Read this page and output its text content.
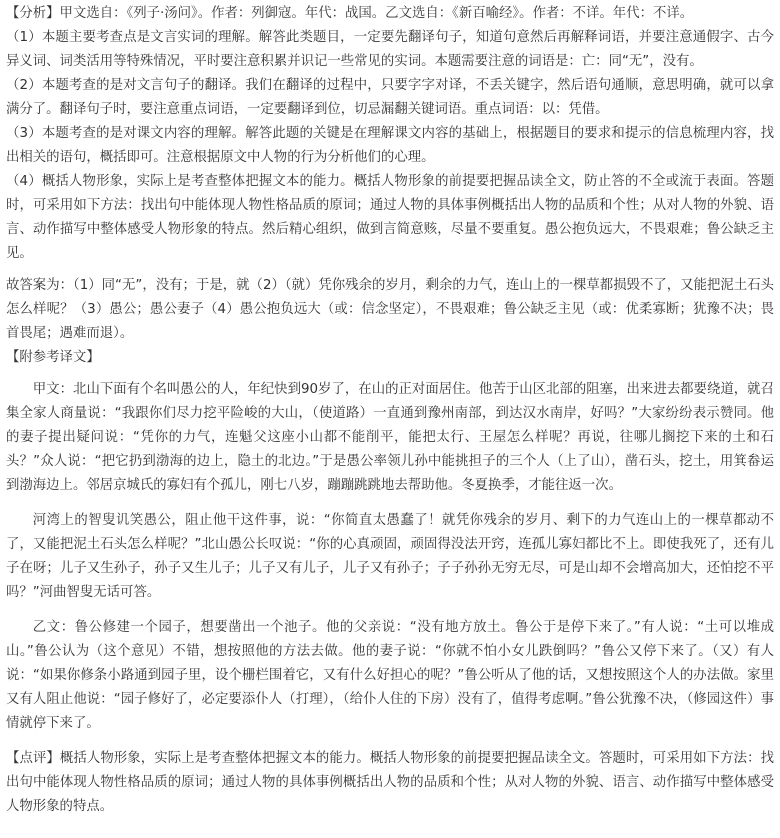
【分析】甲文选自：《列子·汤问》。作者：列御寇。年代：战国。乙文选自：《新百喻经》。作者：不详。年代：不详。

（1）本题主要考查点是文言实词的理解。解答此类题目，一定要先翻译句子，知道句意然后再解释词语，并要注意通假字、古今异义词、词类活用等特殊情况，平时要注意积累并识记一些常见的实词。本题需要注意的词语是：亡：同“无”，没有。

（2）本题考查的是对文言句子的翻译。我们在翻译的过程中，只要字字对译，不丢关键字，然后语句通顺，意思明确，就可以拿满分了。翻译句子时，要注意重点词语，一定要翻译到位，切忌漏翻关键词语。重点词语：以：凭借。

（3）本题考查的是对课文内容的理解。解答此题的关键是在理解课文内容的基础上，根据题目的要求和提示的信息梳理内容，找出相关的语句，概括即可。注意根据原文中人物的行为分析他们的心理。

（4）概括人物形象，实际上是考查整体把握文本的能力。概括人物形象的前提要把握品读全文，防止答的不全或流于表面。答题时，可采用如下方法：找出句中能体现人物性格品质的原词；通过人物的具体事例概括出人物的品质和个性；从对人物的外貌、语言、动作描写中整体感受人物形象的特点。然后精心组织，做到言简意赅，尽量不要重复。愚公抱负远大，不畏艰难；鲁公缺乏主见。

故答案为：（1）同“无”，没有；于是，就（2）（就）凭你残余的岁月，剩余的力气，连山上的一棵草都损毁不了，又能把泥土石头怎么样呢？（3）愚公；愚公妻子（4）愚公抱负远大（或：信念坚定），不畏艰难；鲁公缺乏主见（或：优柔寡断；犹豫不决；畏首畏尾；遇难而退）。

【附参考译文】

甲文：北山下面有个名叫愚公的人，年纪快到90岁了，在山的正对面居住。他苦于山区北部的阻塞，出来进去都要绕道，就召集全家人商量说：“我跟你们尽力挖平险峻的大山，（使道路）一直通到豫州南部，到达汉水南岸，好吗？”大家纷纷表示赞同。他的妻子提出疑问说：“凭你的力气，连魁父这座小山都不能削平，能把太行、王屋怎么样呢？再说，往哪儿搁挖下来的土和石头？”众人说：“把它扔到渤海的边上，隐土的北边。”于是愚公率领儿孙中能挑担子的三个人（上了山），凿石头，挖土，用箕畚运到渤海边上。邻居京城氏的寡妇有个孤儿，刚七八岁，蹦蹦跳跳地去帮助他。冬夏换季，才能往返一次。

河湾上的智叟讥笑愚公，阻止他干这件事，说：“你简直太愚蠢了！就凭你残余的岁月、剩下的力气连山上的一棵草都动不了，又能把泥土石头怎么样呢？”北山愚公长叹说：“你的心真顽固，顽固得没法开窍，连孤儿寡妇都比不上。即使我死了，还有儿子在呀；儿子又生孙子，孙子又生儿子；儿子又有儿子，儿子又有孙子；子子孙孙无穷无尽，可是山却不会增高加大，还怕挖不平吗？”河曲智叟无话可答。

乙文：鲁公修建一个园子，想要凿出一个池子。他的父亲说：“没有地方放土。鲁公于是停下来了。”有人说：“土可以堆成山。”鲁公认为（这个意见）不错，想按照他的方法去做。他的妻子说：“你就不怕小女儿跌倒吗？”鲁公又停下来了。（又）有人说：“如果你修条小路通到园子里，设个栅栏围着它，又有什么好担心的呢？”鲁公听从了他的话，又想按照这个人的办法做。家里又有人阻止他说：“园子修好了，必定要添仆人（打理），（给仆人住的下房）没有了，值得考虑啊。”鲁公犹豫不决，（修园这件）事情就停下来了。

【点评】概括人物形象，实际上是考查整体把握文本的能力。概括人物形象的前提要把握品读全文。答题时，可采用如下方法：找出句中能体现人物性格品质的原词；通过人物的具体事例概括出人物的品质和个性；从对人物的外貌、语言、动作描写中整体感受人物形象的特点。
